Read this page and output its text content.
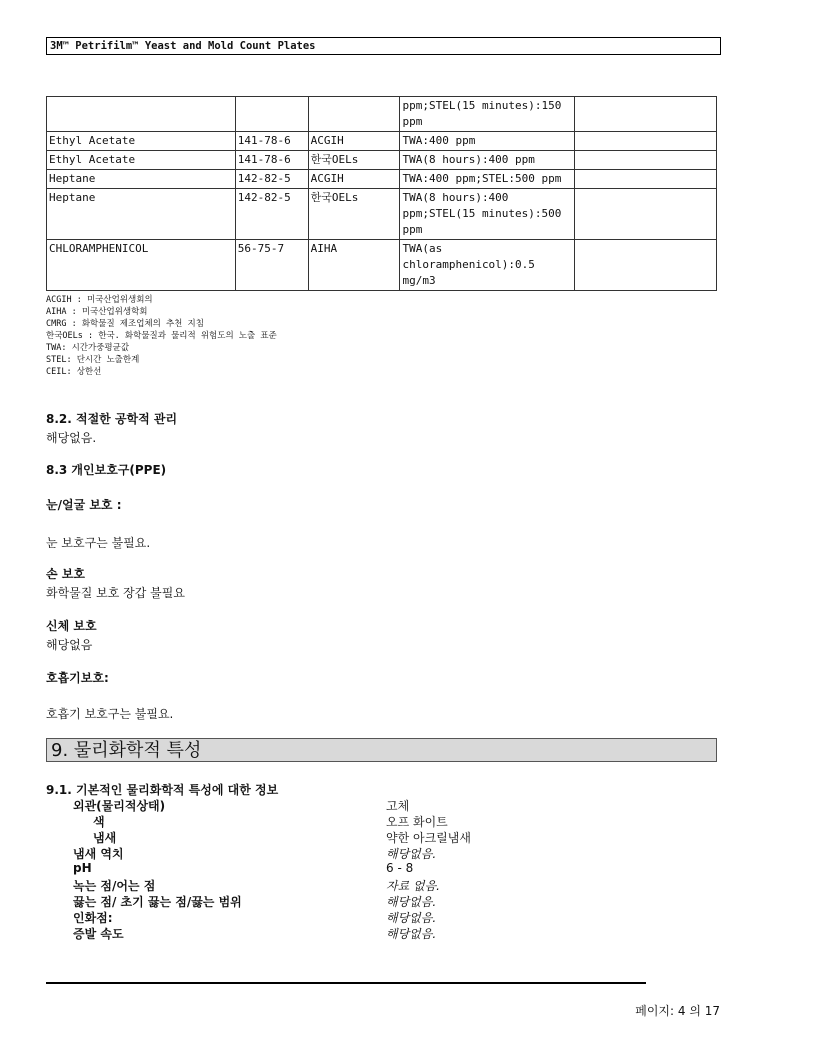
3M™ Petrifilm™ Yeast and Mold Count Plates
			ppm;STEL(15 minutes):150 ppm	
Ethyl Acetate	141-78-6	ACGIH	TWA:400 ppm	
Ethyl Acetate	141-78-6	한국OELs	TWA(8 hours):400 ppm	
Heptane	142-82-5	ACGIH	TWA:400 ppm;STEL:500 ppm	
Heptane	142-82-5	한국OELs	TWA(8 hours):400 ppm;STEL(15 minutes):500 ppm	
CHLORAMPHENICOL	56-75-7	AIHA	TWA(as chloramphenicol):0.5 mg/m3	
ACGIH : 미국산업위생회의
AIHA : 미국산업위생학회
CMRG : 화학물질 제조업체의 추천 지침
한국OELs : 한국. 화학물질과 물리적 위험도의 노출 표준
TWA: 시간가중평균값
STEL: 단시간 노출한계
CEIL: 상한선
8.2. 적절한 공학적 관리
해당없음.
8.3 개인보호구(PPE)
눈/얼굴 보호 :
눈 보호구는 불필요.
손 보호
화학물질 보호 장갑 불필요
신체 보호
해당없음
호흡기보호:
호흡기 보호구는 불필요.
9. 물리화학적 특성
9.1. 기본적인 물리화학적 특성에 대한 정보
외관(물리적상태)	고체
색	오프 화이트
냄새	약한 아크릴냄새
냄새 역치	해당없음.
pH	6 - 8
녹는 점/어는 점	자료 없음.
끓는 점/ 초기 끓는 점/끓는 범위	해당없음.
인화점:	해당없음.
증발 속도	해당없음.
페이지: 4 의 17
